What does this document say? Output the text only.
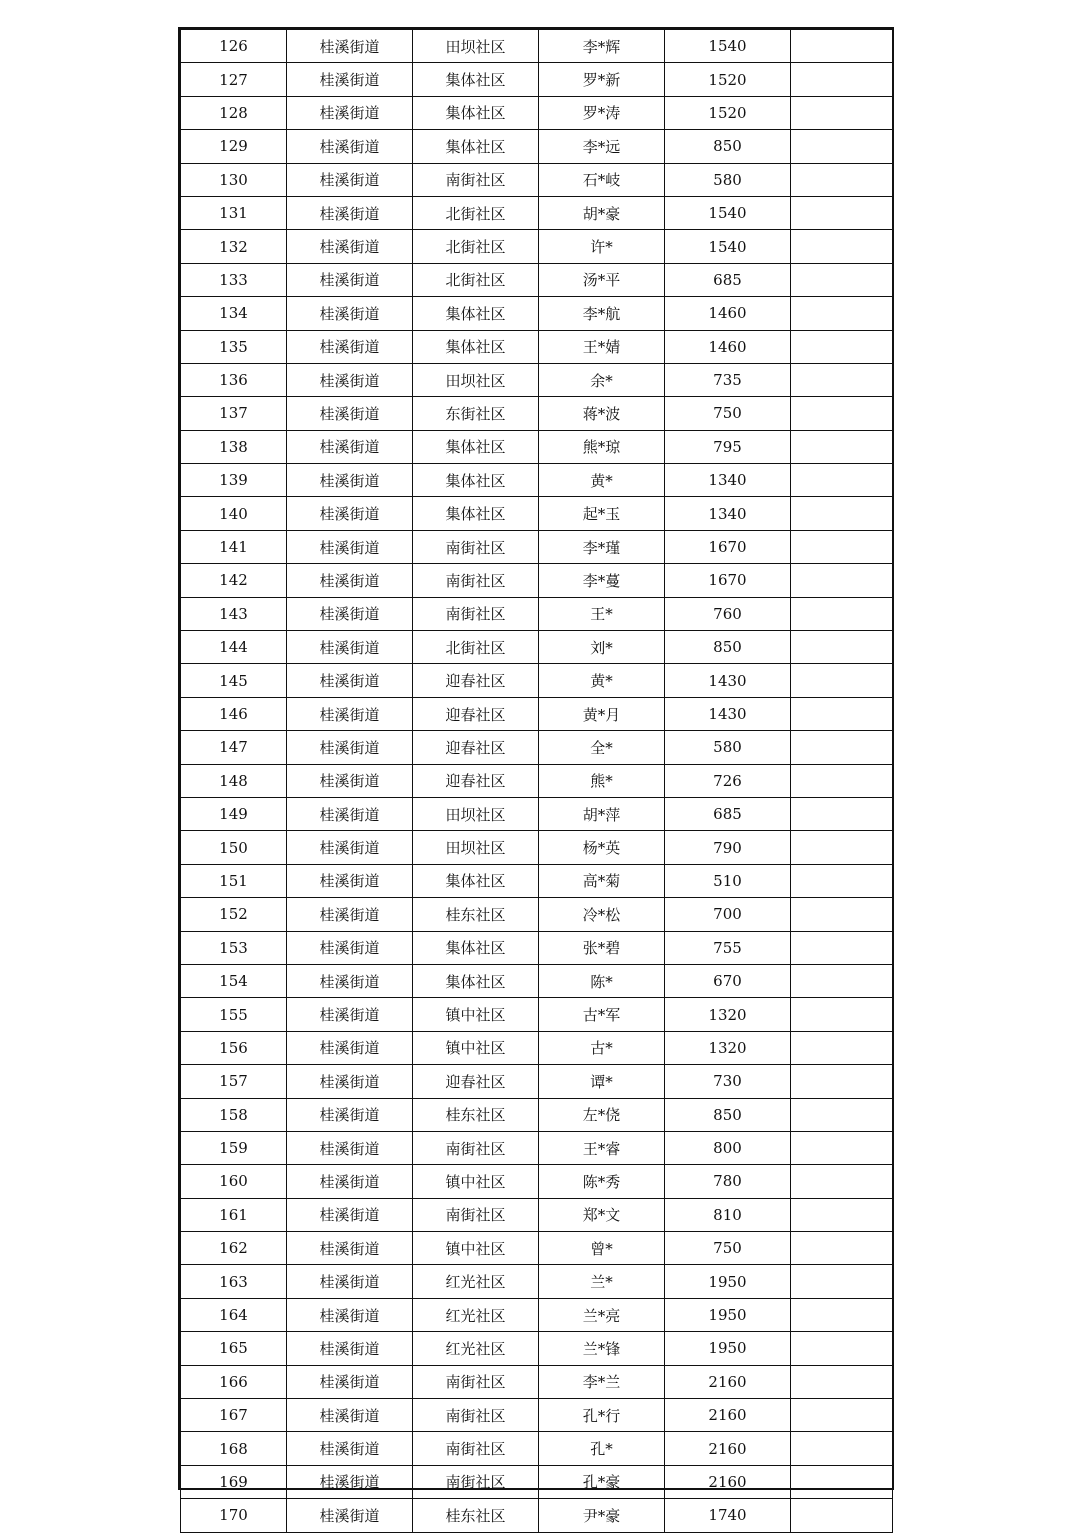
126	桂溪街道	田坝社区	李*辉	1540	
127	桂溪街道	集体社区	罗*新	1520	
128	桂溪街道	集体社区	罗*涛	1520	
129	桂溪街道	集体社区	李*远	850	
130	桂溪街道	南街社区	石*岐	580	
131	桂溪街道	北街社区	胡*豪	1540	
132	桂溪街道	北街社区	许*	1540	
133	桂溪街道	北街社区	汤*平	685	
134	桂溪街道	集体社区	李*航	1460	
135	桂溪街道	集体社区	王*婧	1460	
136	桂溪街道	田坝社区	余*	735	
137	桂溪街道	东街社区	蒋*波	750	
138	桂溪街道	集体社区	熊*琼	795	
139	桂溪街道	集体社区	黄*	1340	
140	桂溪街道	集体社区	起*玉	1340	
141	桂溪街道	南街社区	李*瑾	1670	
142	桂溪街道	南街社区	李*蔓	1670	
143	桂溪街道	南街社区	王*	760	
144	桂溪街道	北街社区	刘*	850	
145	桂溪街道	迎春社区	黄*	1430	
146	桂溪街道	迎春社区	黄*月	1430	
147	桂溪街道	迎春社区	全*	580	
148	桂溪街道	迎春社区	熊*	726	
149	桂溪街道	田坝社区	胡*萍	685	
150	桂溪街道	田坝社区	杨*英	790	
151	桂溪街道	集体社区	高*菊	510	
152	桂溪街道	桂东社区	冷*松	700	
153	桂溪街道	集体社区	张*碧	755	
154	桂溪街道	集体社区	陈*	670	
155	桂溪街道	镇中社区	古*军	1320	
156	桂溪街道	镇中社区	古*	1320	
157	桂溪街道	迎春社区	谭*	730	
158	桂溪街道	桂东社区	左*侥	850	
159	桂溪街道	南街社区	王*睿	800	
160	桂溪街道	镇中社区	陈*秀	780	
161	桂溪街道	南街社区	郑*文	810	
162	桂溪街道	镇中社区	曾*	750	
163	桂溪街道	红光社区	兰*	1950	
164	桂溪街道	红光社区	兰*亮	1950	
165	桂溪街道	红光社区	兰*锋	1950	
166	桂溪街道	南街社区	李*兰	2160	
167	桂溪街道	南街社区	孔*行	2160	
168	桂溪街道	南街社区	孔*	2160	
169	桂溪街道	南街社区	孔*豪	2160	
170	桂溪街道	桂东社区	尹*豪	1740	
